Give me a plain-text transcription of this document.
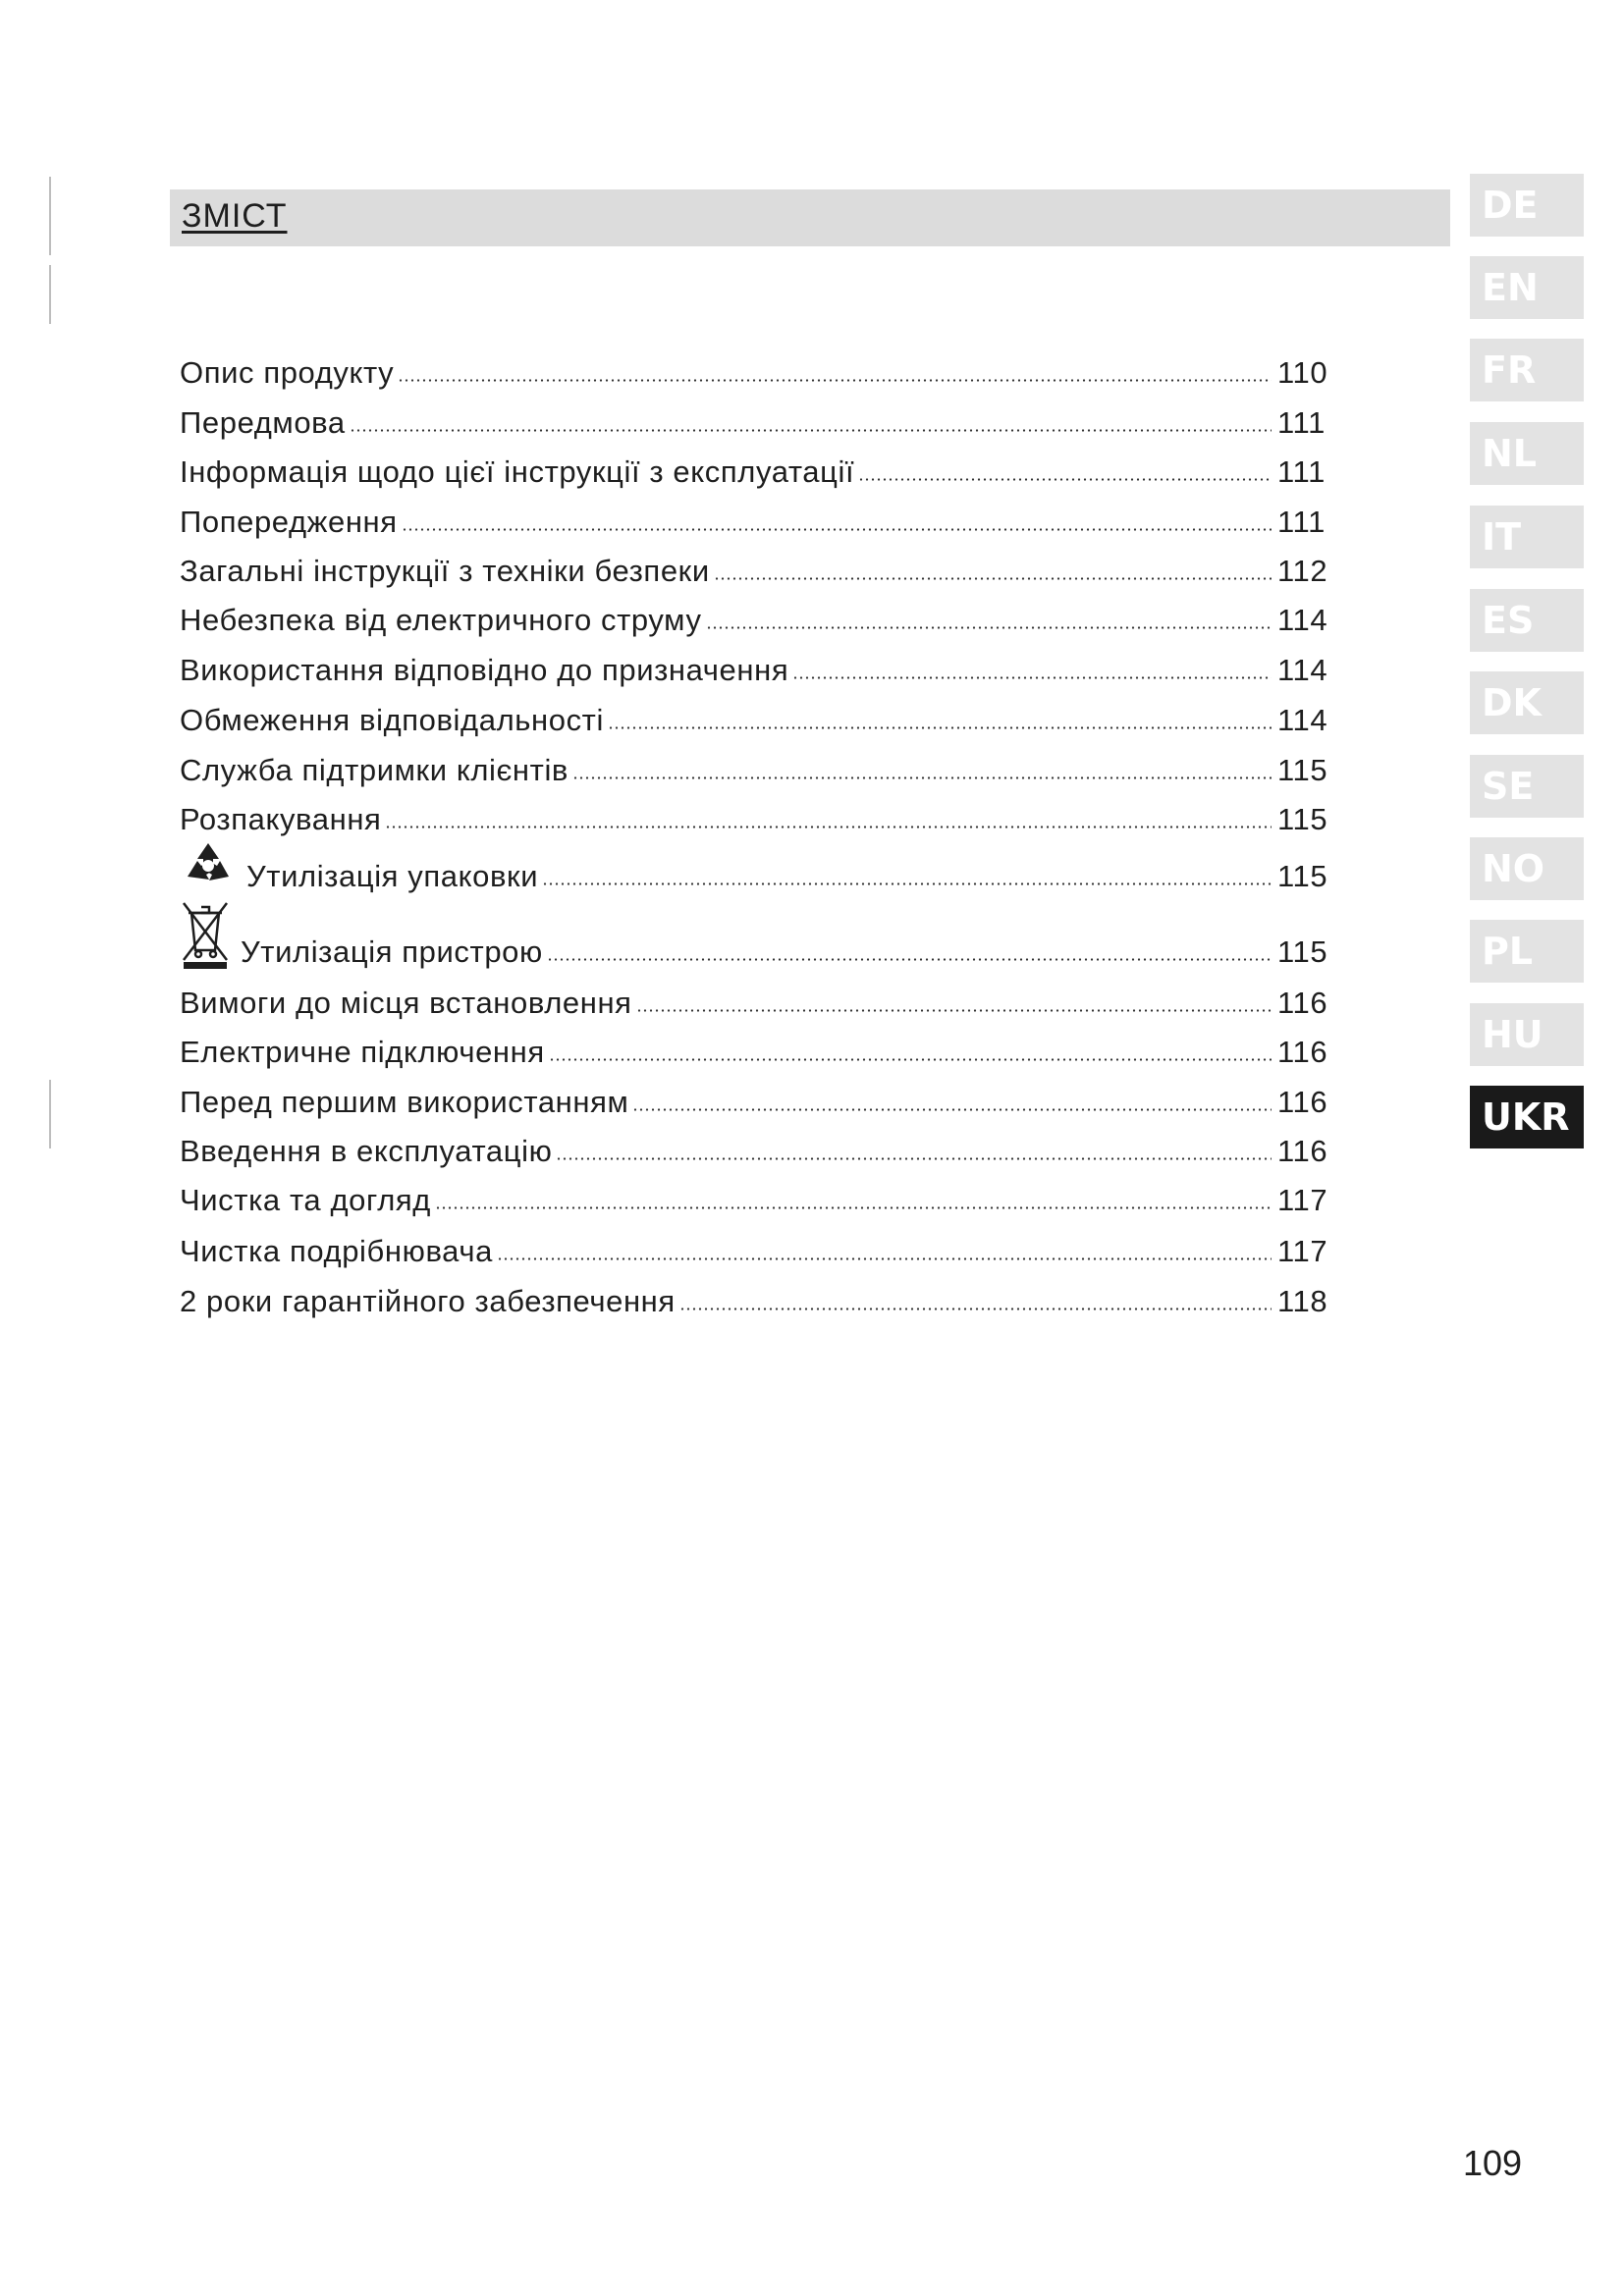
ЗМІСТ
Опис продукту	110
Передмова	111
Інформація щодо цієї інструкції з експлуатації	111
Попередження	111
Загальні інструкції з техніки безпеки	112
Небезпека від електричного струму	114
Використання відповідно до призначення	114
Обмеження відповідальності	114
Служба підтримки клієнтів	115
Розпакування	115
Утилізація упаковки	115
Утилізація пристрою	115
Вимоги до місця встановлення	116
Електричне підключення	116
Перед першим використанням	116
Введення в експлуатацію	116
Чистка та догляд	117
Чистка подрібнювача	117
2 роки гарантійного забезпечення	118
DE
EN
FR
NL
IT
ES
DK
SE
NO
PL
HU
UKR
109
